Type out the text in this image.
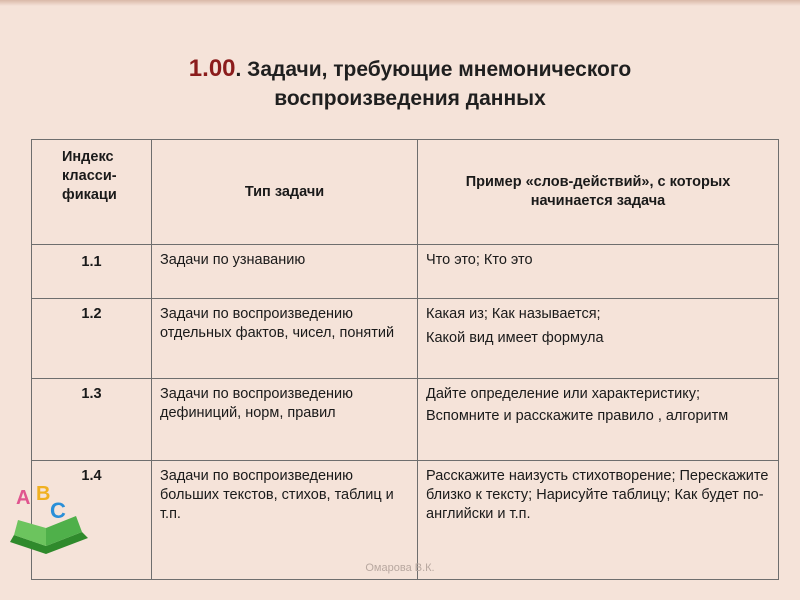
1.00. Задачи, требующие мнемонического
воспроизведения данных
Индекс класси-фикаци	Тип задачи	Пример «слов-действий», с которых начинается задача
1.1	Задачи по узнаванию	Что это; Кто это

1.2	Задачи по воспроизведению отдельных фактов, чисел, понятий	Какая из; Как называется;
Какой вид имеет формула

1.3	Задачи по воспроизведению дефиниций, норм, правил	Дайте определение или характеристику;
Вспомните и расскажите правило , алгоритм

1.4	Задачи по воспроизведению больших текстов, стихов, таблиц и т.п.	Расскажите наизусть стихотворение; Перескажите близко к тексту; Нарисуйте таблицу; Как будет по-английски и т.п.
A B
C
Омарова В.К.
